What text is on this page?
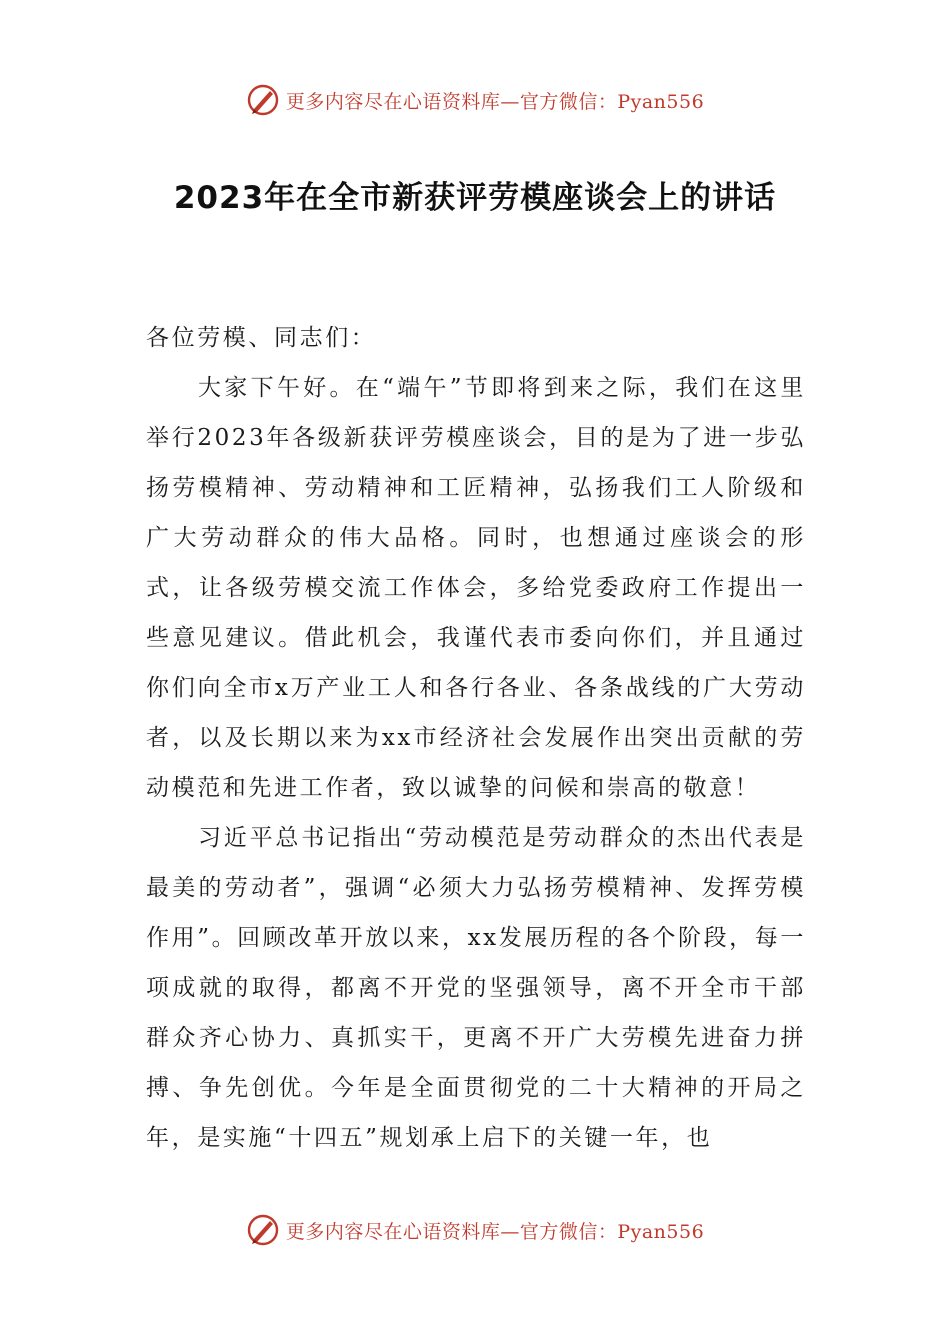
更多内容尽在心语资料库—官方微信：Pyan556
2023年在全市新获评劳模座谈会上的讲话

各位劳模、同志们：

大家下午好。在“端午”节即将到来之际，我们在这里举行2023年各级新获评劳模座谈会，目的是为了进一步弘扬劳模精神、劳动精神和工匠精神，弘扬我们工人阶级和广大劳动群众的伟大品格。同时，也想通过座谈会的形式，让各级劳模交流工作体会，多给党委政府工作提出一些意见建议。借此机会，我谨代表市委向你们，并且通过你们向全市x万产业工人和各行各业、各条战线的广大劳动者，以及长期以来为xx市经济社会发展作出突出贡献的劳动模范和先进工作者，致以诚挚的问候和崇高的敬意！

习近平总书记指出“劳动模范是劳动群众的杰出代表是最美的劳动者”，强调“必须大力弘扬劳模精神、发挥劳模作用”。回顾改革开放以来，xx发展历程的各个阶段，每一项成就的取得，都离不开党的坚强领导，离不开全市干部群众齐心协力、真抓实干，更离不开广大劳模先进奋力拼搏、争先创优。今年是全面贯彻党的二十大精神的开局之年，是实施“十四五”规划承上启下的关键一年，也

更多内容尽在心语资料库—官方微信：Pyan556
